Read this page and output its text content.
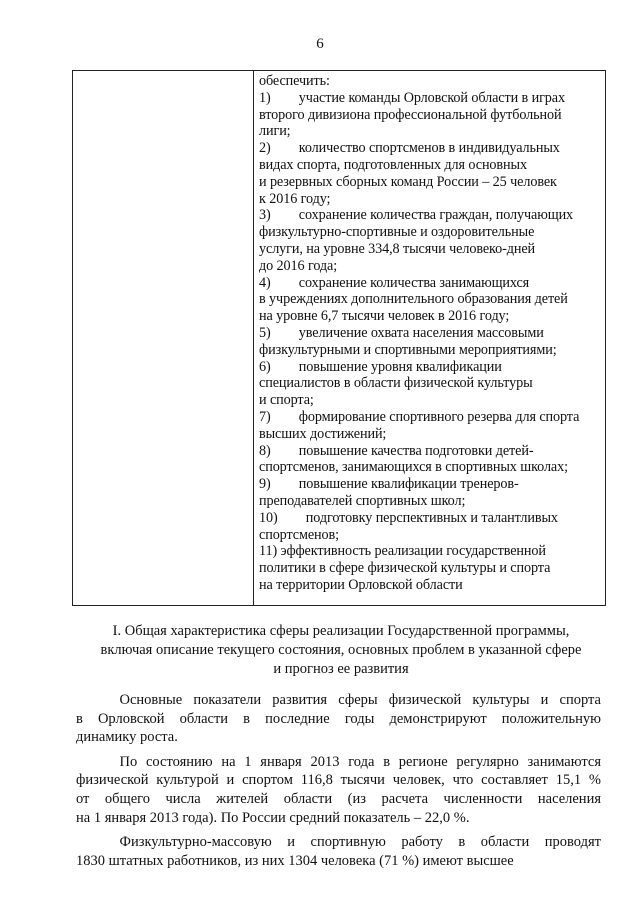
6
обеспечить:
1)  участие команды Орловской области в играх
второго дивизиона профессиональной футбольной
лиги;
2)  количество спортсменов в индивидуальных
видах спорта, подготовленных для основных
и резервных сборных команд России – 25 человек
к 2016 году;
3)  сохранение количества граждан, получающих
физкультурно-спортивные и оздоровительные
услуги, на уровне 334,8 тысячи человеко-дней
до 2016 года;
4)  сохранение количества занимающихся
в учреждениях дополнительного образования детей
на уровне 6,7 тысячи человек в 2016 году;
5)  увеличение охвата населения массовыми
физкультурными и спортивными мероприятиями;
6)  повышение уровня квалификации
специалистов в области физической культуры
и спорта;
7)  формирование спортивного резерва для спорта
высших достижений;
8)  повышение качества подготовки детей-
спортсменов, занимающихся в спортивных школах;
9)  повышение квалификации тренеров-
преподавателей спортивных школ;
10)  подготовку перспективных и талантливых
спортсменов;
11) эффективность реализации государственной
политики в сфере физической культуры и спорта
на территории Орловской области
I. Общая характеристика сферы реализации Государственной программы,
включая описание текущего состояния, основных проблем в указанной сфере
и прогноз ее развития
   Основные показатели развития сферы физической культуры и спорта
в Орловской области в последние годы демонстрируют положительную
динамику роста.
   По состоянию на 1 января 2013 года в регионе регулярно занимаются
физической культурой и спортом 116,8 тысячи человек, что составляет 15,1 %
от общего числа жителей области (из расчета численности населения
на 1 января 2013 года). По России средний показатель – 22,0 %.
   Физкультурно-массовую и спортивную работу в области проводят
1830 штатных работников, из них 1304 человека (71 %) имеют высшее
